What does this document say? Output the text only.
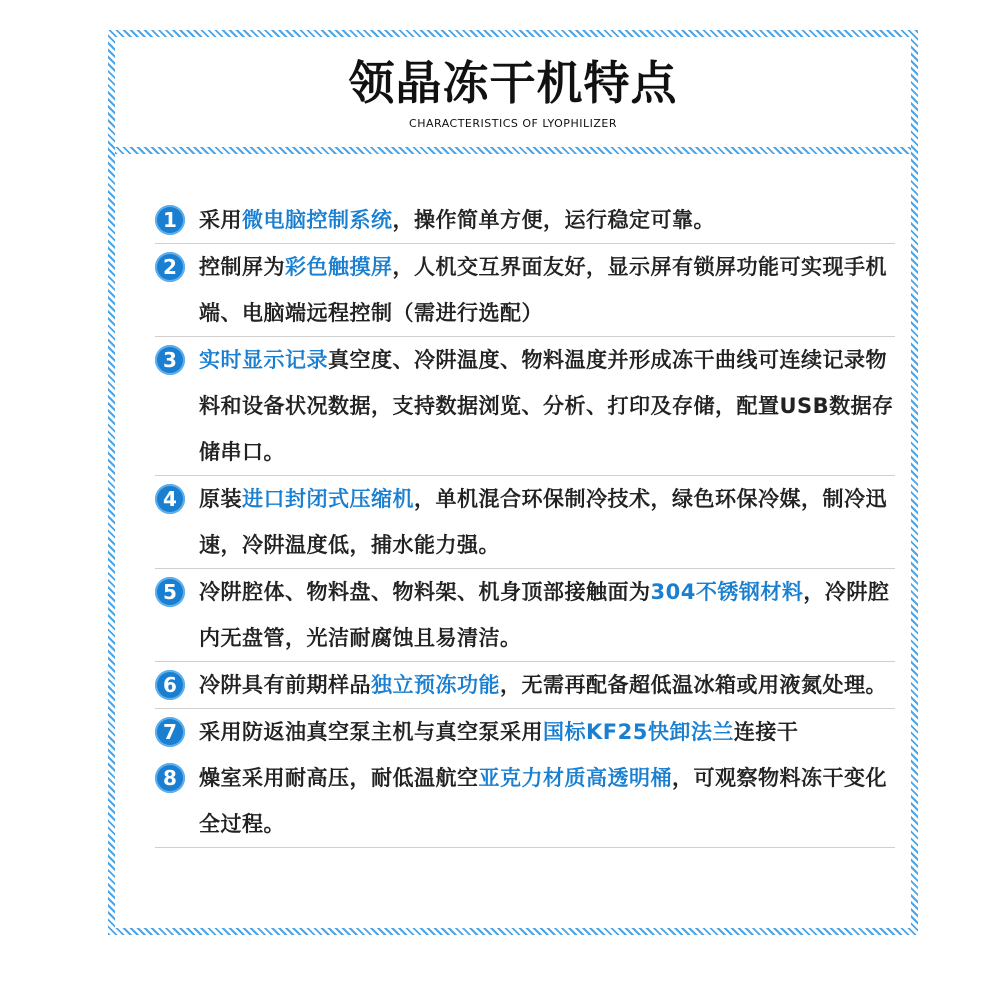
领晶冻干机特点
CHARACTERISTICS OF LYOPHILIZER
1	采用微电脑控制系统，操作简单方便，运行稳定可靠。
2	控制屏为彩色触摸屏，人机交互界面友好，显示屏有锁屏功能可实现手机端、电脑端远程控制（需进行选配）
3	实时显示记录真空度、冷阱温度、物料温度并形成冻干曲线可连续记录物料和设备状况数据，支持数据浏览、分析、打印及存储，配置USB数据存储串口。
4	原装进口封闭式压缩机，单机混合环保制冷技术，绿色环保冷媒，制冷迅速，冷阱温度低，捕水能力强。
5	冷阱腔体、物料盘、物料架、机身顶部接触面为304不锈钢材料，冷阱腔内无盘管，光洁耐腐蚀且易清洁。
6	冷阱具有前期样品独立预冻功能，无需再配备超低温冰箱或用液氮处理。
7	采用防返油真空泵主机与真空泵采用国标KF25快卸法兰连接干
8	燥室采用耐高压，耐低温航空亚克力材质高透明桶，可观察物料冻干变化全过程。
